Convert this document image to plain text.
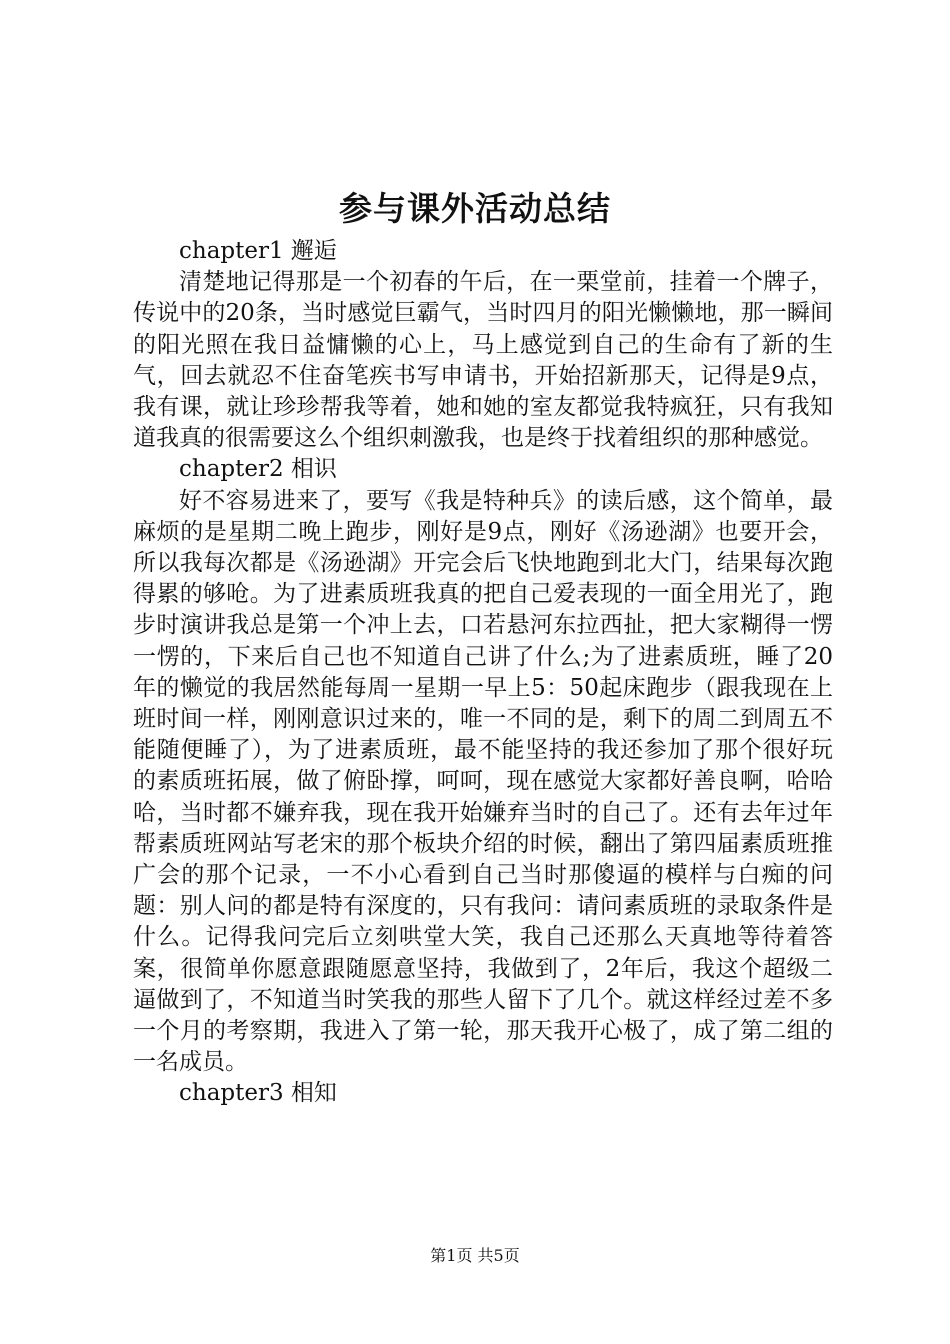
参与课外活动总结

chapter1 邂逅

清楚地记得那是一个初春的午后，在一栗堂前，挂着一个牌子，传说中的20条，当时感觉巨霸气，当时四月的阳光懒懒地，那一瞬间的阳光照在我日益慵懒的心上，马上感觉到自己的生命有了新的生气，回去就忍不住奋笔疾书写申请书，开始招新那天，记得是9点，我有课，就让珍珍帮我等着，她和她的室友都觉我特疯狂，只有我知道我真的很需要这么个组织刺激我，也是终于找着组织的那种感觉。

chapter2 相识

好不容易进来了，要写《我是特种兵》的读后感，这个简单，最麻烦的是星期二晚上跑步，刚好是9点，刚好《汤逊湖》也要开会，所以我每次都是《汤逊湖》开完会后飞快地跑到北大门，结果每次跑得累的够呛。为了进素质班我真的把自己爱表现的一面全用光了，跑步时演讲我总是第一个冲上去，口若悬河东拉西扯，把大家糊得一愣一愣的，下来后自己也不知道自己讲了什么;为了进素质班，睡了20年的懒觉的我居然能每周一星期一早上5：50起床跑步（跟我现在上班时间一样，刚刚意识过来的，唯一不同的是，剩下的周二到周五不能随便睡了），为了进素质班，最不能坚持的我还参加了那个很好玩的素质班拓展，做了俯卧撑，呵呵，现在感觉大家都好善良啊，哈哈哈，当时都不嫌弃我，现在我开始嫌弃当时的自己了。还有去年过年帮素质班网站写老宋的那个板块介绍的时候，翻出了第四届素质班推广会的那个记录，一不小心看到自己当时那傻逼的模样与白痴的问题：别人问的都是特有深度的，只有我问：请问素质班的录取条件是什么。记得我问完后立刻哄堂大笑，我自己还那么天真地等待着答案，很简单你愿意跟随愿意坚持，我做到了，2年后，我这个超级二逼做到了，不知道当时笑我的那些人留下了几个。就这样经过差不多一个月的考察期，我进入了第一轮，那天我开心极了，成了第二组的一名成员。

chapter3 相知

第1页 共5页
